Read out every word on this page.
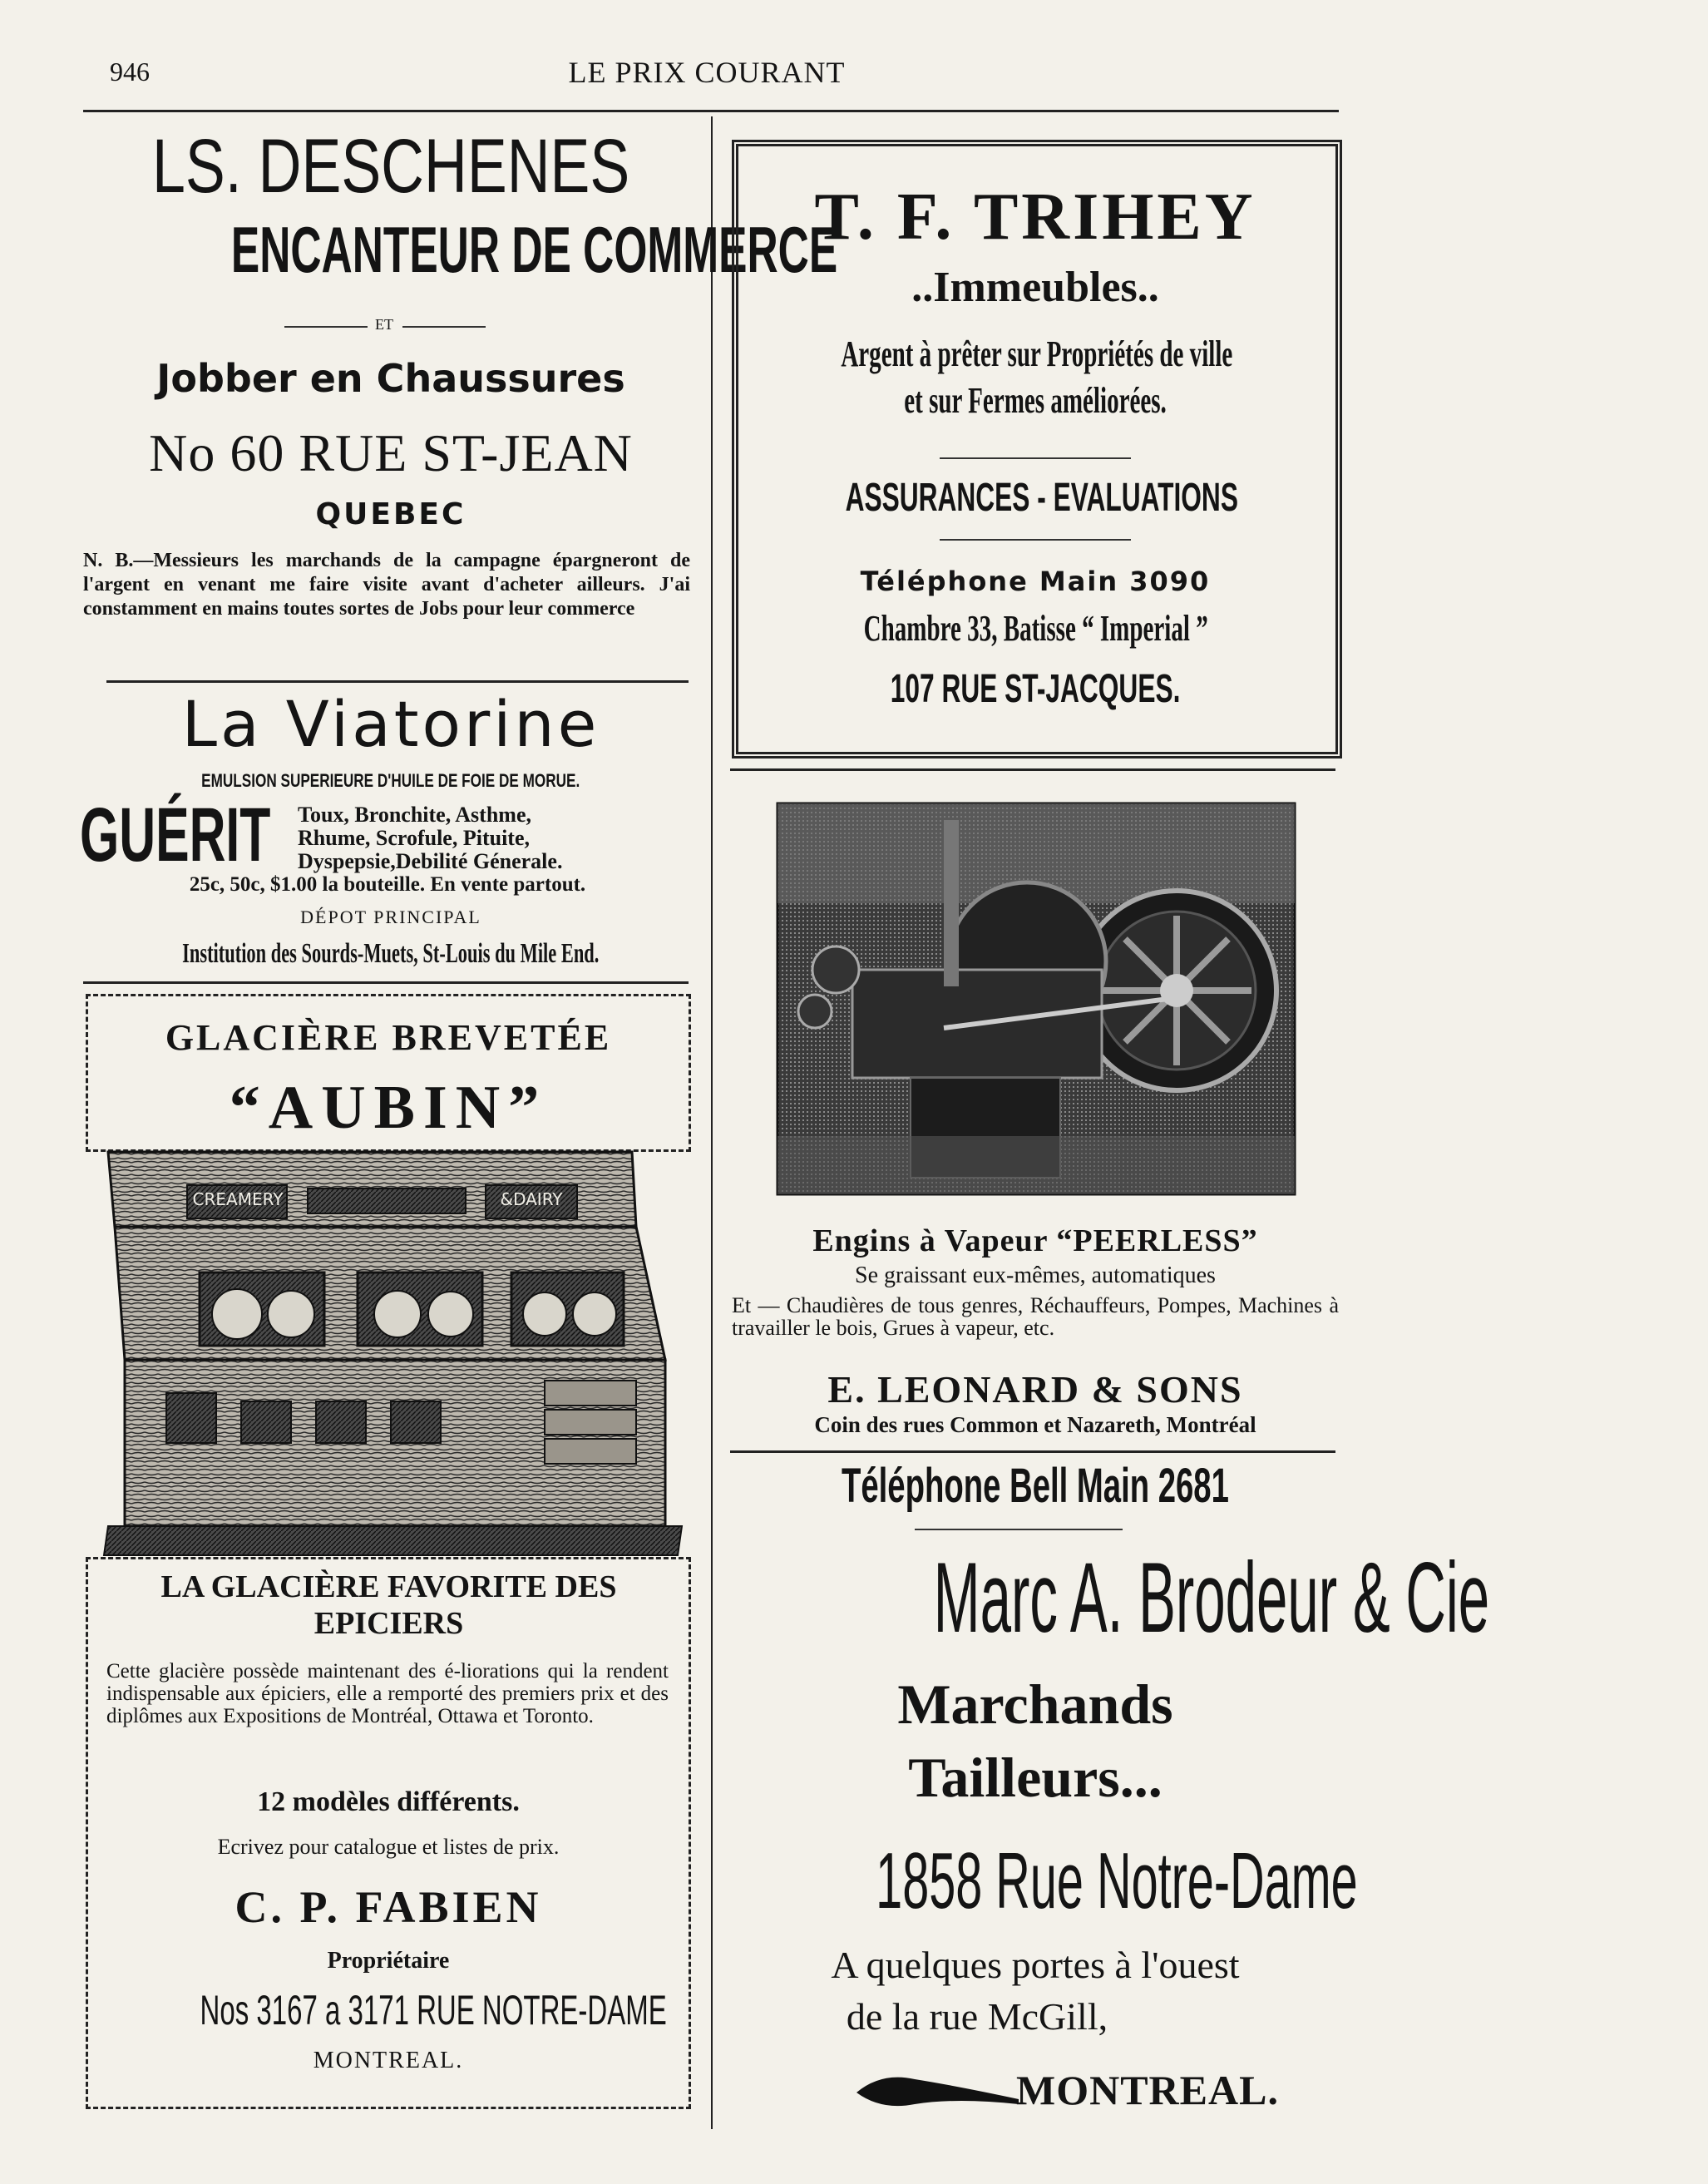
946	LE PRIX COURANT
LS. DESCHENES
ENCANTEUR DE COMMERCE
ET
Jobber en Chaussures
No 60 RUE ST-JEAN
QUEBEC
N. B.—Messieurs les marchands de la campagne épargneront de l'argent en venant me faire visite avant d'acheter ailleurs. J'ai constamment en mains toutes sortes de Jobs pour leur commerce
La Viatorine
EMULSION SUPERIEURE D'HUILE DE FOIE DE MORUE.
GUÉRIT	Toux, Bronchite, Asthme,
Rhume, Scrofule, Pituite,
Dyspepsie,Debilité Génerale.
25c, 50c, $1.00 la bouteille. En vente partout.
DÉPOT PRINCIPAL
Institution des Sourds-Muets, St-Louis du Mile End.
GLACIÈRE BREVETÉE
“AUBIN”
CREAMERY	&DAIRY
LA GLACIÈRE FAVORITE DES EPICIERS
Cette glacière possède maintenant des é-liorations qui la rendent indispensable aux épiciers, elle a remporté des premiers prix et des diplômes aux Expositions de Montréal, Ottawa et Toronto.
12 modèles différents.
Ecrivez pour catalogue et listes de prix.
C. P. FABIEN
Propriétaire
Nos 3167 a 3171 RUE NOTRE-DAME
MONTREAL.
T. F. TRIHEY
..Immeubles..
Argent à prêter sur Propriétés de ville
et sur Fermes améliorées.
ASSURANCES - EVALUATIONS
Téléphone Main 3090
Chambre 33, Batisse “ Imperial ”
107 RUE ST-JACQUES.
Engins à Vapeur “PEERLESS”
Se graissant eux-mêmes, automatiques
Et — Chaudières de tous genres, Réchauffeurs, Pompes, Machines à travailler le bois, Grues à vapeur, etc.
E. LEONARD & SONS
Coin des rues Common et Nazareth, Montréal
Téléphone Bell Main 2681
Marc A. Brodeur & Cie
Marchands
Tailleurs...
1858 Rue Notre-Dame
A quelques portes à l'ouest
de la rue McGill,
MONTREAL.
